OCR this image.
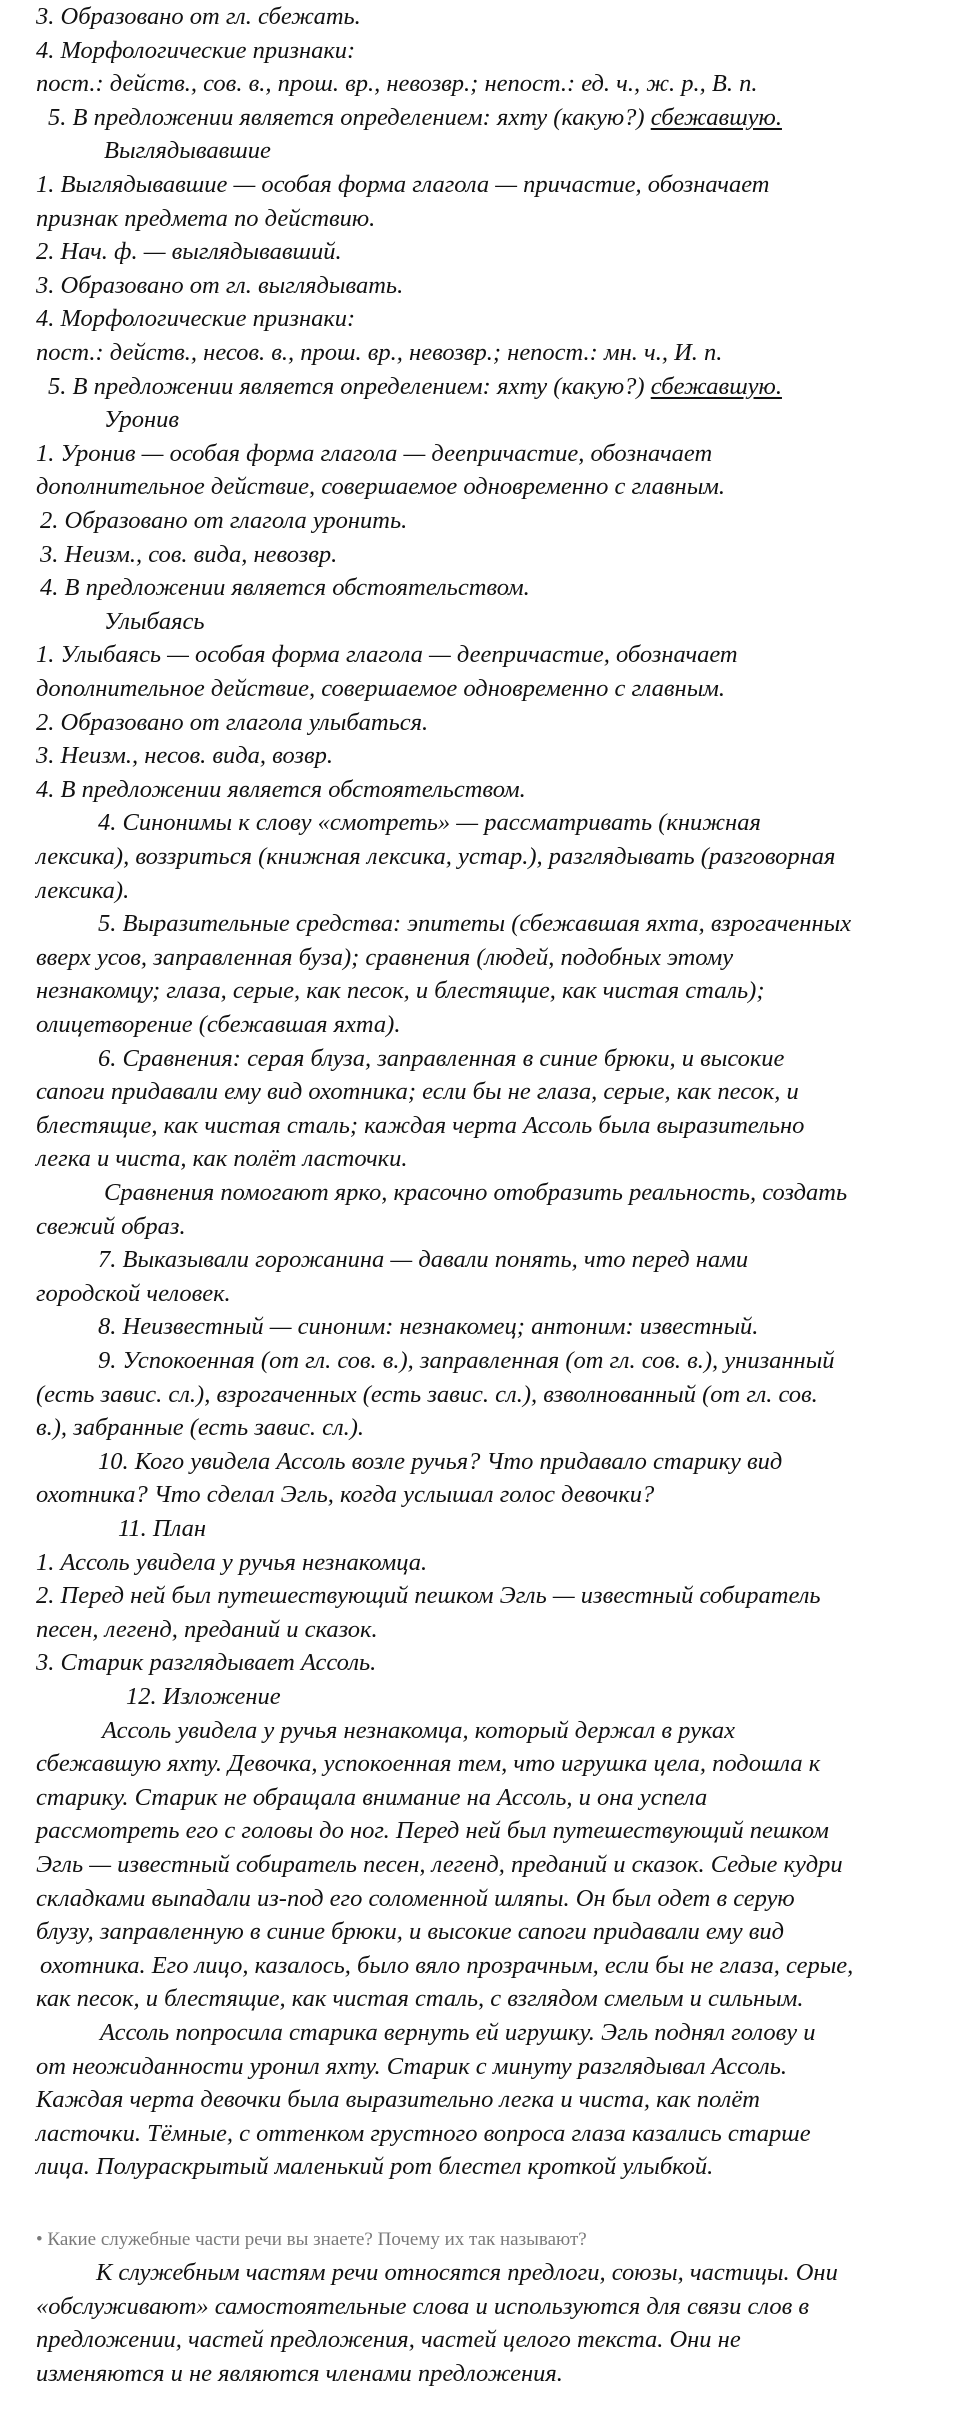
3. Образовано от гл. сбежать.
4. Морфологические признаки:
пост.: действ., сов. в., прош. вр., невозвр.; непост.: ед. ч., ж. р., В. п.
5. В предложении является определением: яхту (какую?) сбежавшую.
Выглядывавшие
1. Выглядывавшие — особая форма глагола — причастие, обозначает
признак предмета по действию.
2. Нач. ф. — выглядывавший.
3. Образовано от гл. выглядывать.
4. Морфологические признаки:
пост.: действ., несов. в., прош. вр., невозвр.; непост.: мн. ч., И. п.
5. В предложении является определением: яхту (какую?) сбежавшую.
Уронив
1. Уронив — особая форма глагола — деепричастие, обозначает
дополнительное действие, совершаемое одновременно с главным.
2. Образовано от глагола уронить.
3. Неизм., сов. вида, невозвр.
4. В предложении является обстоятельством.
Улыбаясь
1. Улыбаясь — особая форма глагола — деепричастие, обозначает
дополнительное действие, совершаемое одновременно с главным.
2. Образовано от глагола улыбаться.
3. Неизм., несов. вида, возвр.
4. В предложении является обстоятельством.
4. Синонимы к слову «смотреть» — рассматривать (книжная
лексика), воззриться (книжная лексика, устар.), разглядывать (разговорная
лексика).
5. Выразительные средства: эпитеты (сбежавшая яхта, взрогаченных
вверх усов, заправленная буза); сравнения (людей, подобных этому
незнакомцу; глаза, серые, как песок, и блестящие, как чистая сталь);
олицетворение (сбежавшая яхта).
6. Сравнения: серая блуза, заправленная в синие брюки, и высокие
сапоги придавали ему вид охотника; если бы не глаза, серые, как песок, и
блестящие, как чистая сталь; каждая черта Ассоль была выразительно
легка и чиста, как полёт ласточки.
Сравнения помогают ярко, красочно отобразить реальность, создать
свежий образ.
7. Выказывали горожанина — давали понять, что перед нами
городской человек.
8. Неизвестный — синоним: незнакомец; антоним: известный.
9. Успокоенная (от гл. сов. в.), заправленная (от гл. сов. в.), унизанный
(есть завис. сл.), взрогаченных (есть завис. сл.), взволнованный (от гл. сов.
в.), забранные (есть завис. сл.).
10. Кого увидела Ассоль возле ручья? Что придавало старику вид
охотника? Что сделал Эгль, когда услышал голос девочки?
11. План
1. Ассоль увидела у ручья незнакомца.
2. Перед ней был путешествующий пешком Эгль — известный собиратель
песен, легенд, преданий и сказок.
3. Старик разглядывает Ассоль.
12. Изложение
Ассоль увидела у ручья незнакомца, который держал в руках
сбежавшую яхту. Девочка, успокоенная тем, что игрушка цела, подошла к
старику. Старик не обращала внимание на Ассоль, и она успела
рассмотреть его с головы до ног. Перед ней был путешествующий пешком
Эгль — известный собиратель песен, легенд, преданий и сказок. Седые кудри
складками выпадали из-под его соломенной шляпы. Он был одет в серую
блузу, заправленную в синие брюки, и высокие сапоги придавали ему вид
охотника. Его лицо, казалось, было вяло прозрачным, если бы не глаза, серые,
как песок, и блестящие, как чистая сталь, с взглядом смелым и сильным.
Ассоль попросила старика вернуть ей игрушку. Эгль поднял голову и
от неожиданности уронил яхту. Старик с минуту разглядывал Ассоль.
Каждая черта девочки была выразительно легка и чиста, как полёт
ласточки. Тёмные, с оттенком грустного вопроса глаза казались старше
лица. Полураскрытый маленький рот блестел кроткой улыбкой.
• Какие служебные части речи вы знаете? Почему их так называют?
К служебным частям речи относятся предлоги, союзы, частицы. Они
«обслуживают» самостоятельные слова и используются для связи слов в
предложении, частей предложения, частей целого текста. Они не
изменяются и не являются членами предложения.
